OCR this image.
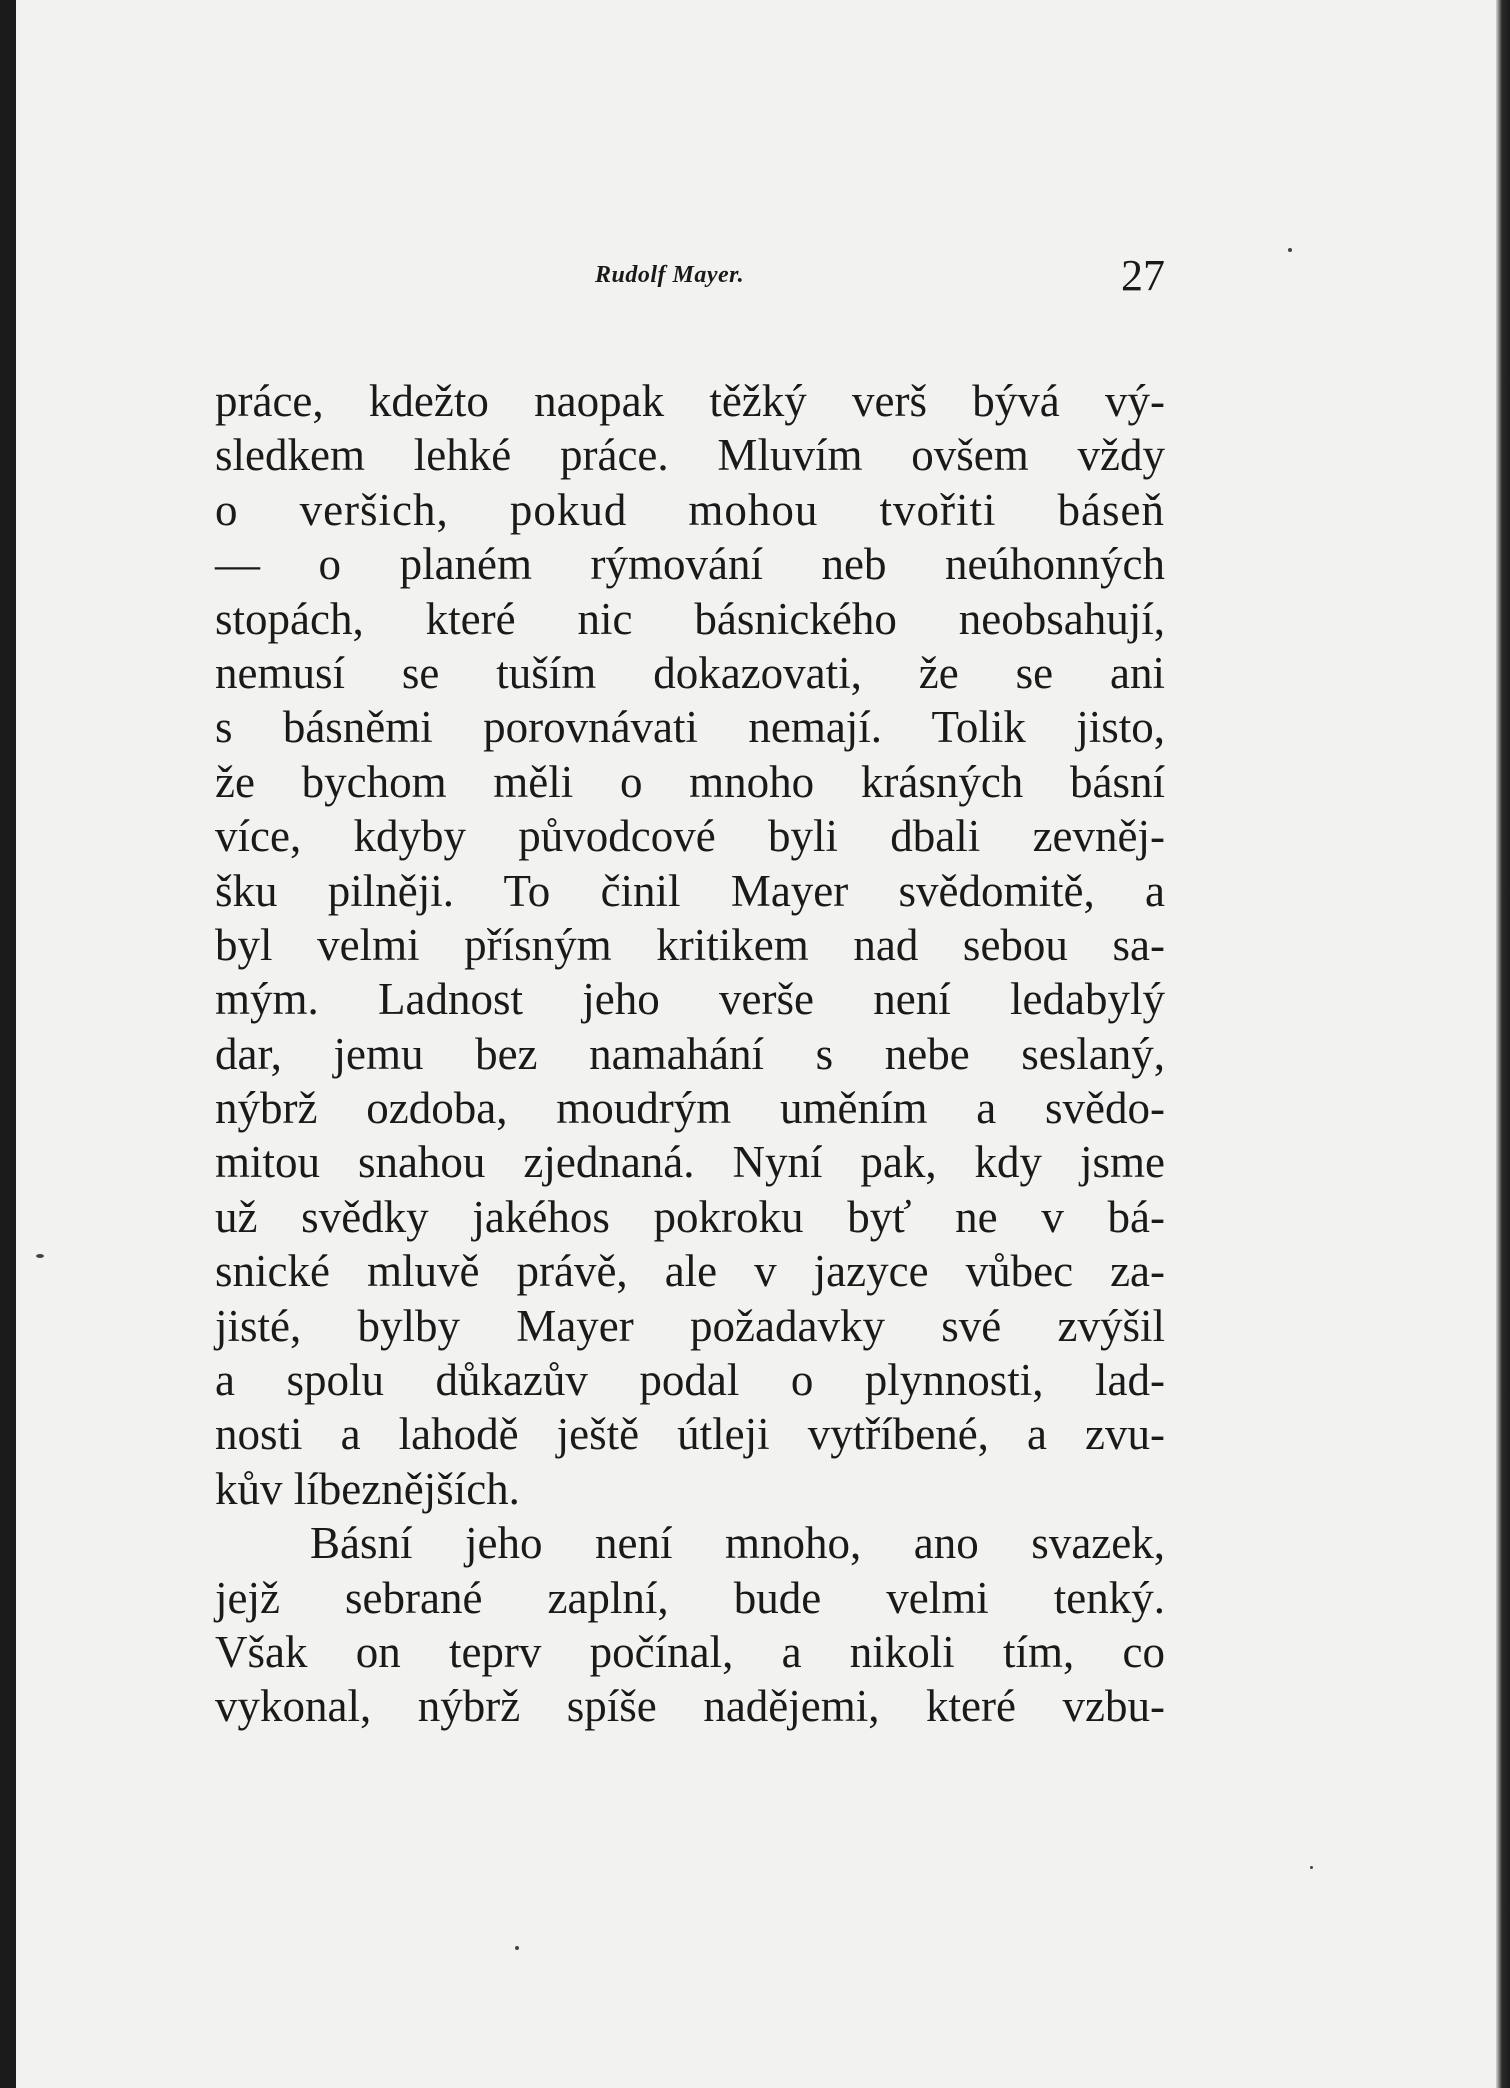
Rudolf Mayer.	27
práce, kdežto naopak těžký verš bývá vý-
sledkem lehké práce. Mluvím ovšem vždy
o veršich, pokud mohou tvořiti báseň
— o planém rýmování neb neúhonných
stopách, které nic básnického neobsahují,
nemusí se tuším dokazovati, že se ani
s básněmi porovnávati nemají. Tolik jisto,
že bychom měli o mnoho krásných básní
více, kdyby původcové byli dbali zevněj-
šku pilněji. To činil Mayer svědomitě, a
byl velmi přísným kritikem nad sebou sa-
mým. Ladnost jeho verše není ledabylý
dar, jemu bez namahání s nebe seslaný,
nýbrž ozdoba, moudrým uměním a svědo-
mitou snahou zjednaná. Nyní pak, kdy jsme
už svědky jakéhos pokroku byť ne v bá-
snické mluvě právě, ale v jazyce vůbec za-
jisté, bylby Mayer požadavky své zvýšil
a spolu důkazův podal o plynnosti, lad-
nosti a lahodě ještě útleji vytříbené, a zvu-
kův líbeznějších.
Básní jeho není mnoho, ano svazek,
jejž sebrané zaplní, bude velmi tenký.
Však on teprv počínal, a nikoli tím, co
vykonal, nýbrž spíše nadějemi, které vzbu-
